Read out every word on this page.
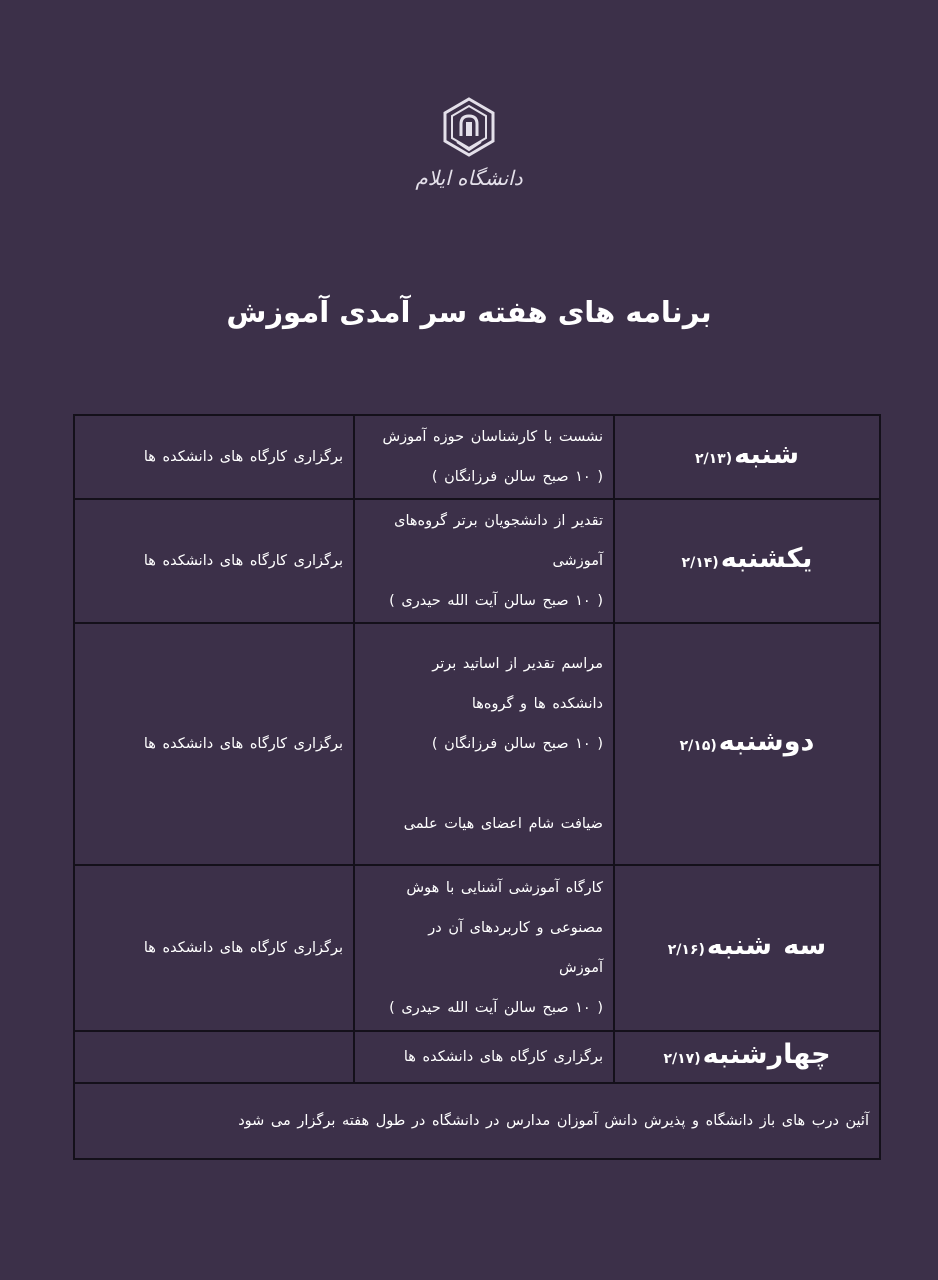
دانشگاه ایلام
برنامه های هفته سر آمدی آموزش
شنبه(۲/۱۳	نشست با کارشناسان حوزه آموزش
( ۱۰ صبح سالن فرزانگان )	برگزاری کارگاه های دانشکده ها
یکشنبه(۲/۱۴	تقدیر از دانشجویان برتر گروه‌های
آموزشی
( ۱۰ صبح سالن آیت الله حیدری )	برگزاری کارگاه های دانشکده ها
دوشنبه(۲/۱۵	مراسم تقدیر از اساتید برتر
دانشکده ها و گروه‌ها
( ۱۰ صبح سالن فرزانگان )
ضیافت شام اعضای هیات علمی	برگزاری کارگاه های دانشکده ها
سه شنبه(۲/۱۶	کارگاه آموزشی آشنایی با هوش
مصنوعی و کاربردهای آن در
آموزش
( ۱۰ صبح سالن آیت الله حیدری )	برگزاری کارگاه های دانشکده ها
چهارشنبه(۲/۱۷	برگزاری کارگاه های دانشکده ها	

آئین درب های باز دانشگاه و پذیرش دانش آموزان مدارس در دانشگاه در طول هفته برگزار می شود		
